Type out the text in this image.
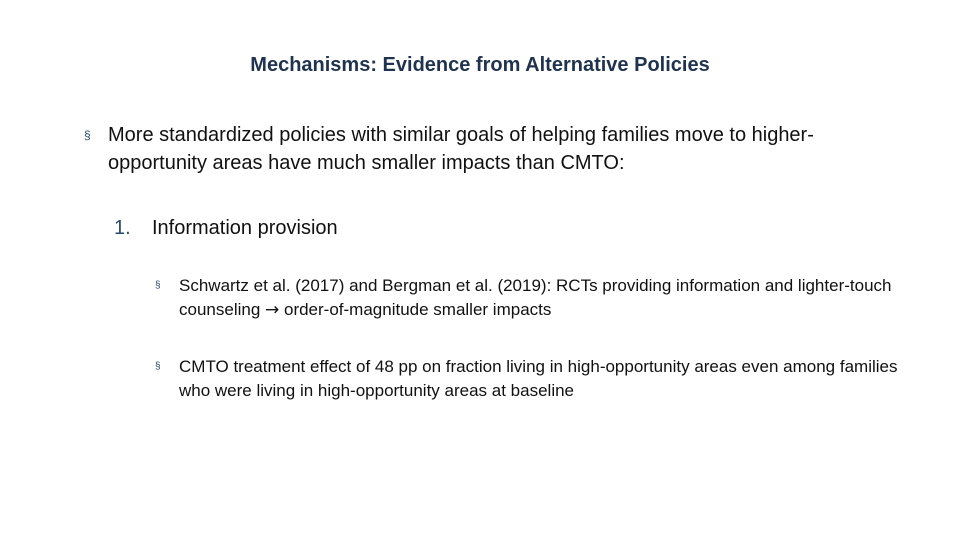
Mechanisms: Evidence from Alternative Policies
§ More standardized policies with similar goals of helping families move to higher-opportunity areas have much smaller impacts than CMTO:
1.	Information provision
§	Schwartz et al. (2017) and Bergman et al. (2019): RCTs providing information and lighter-touch counseling → order-of-magnitude smaller impacts
§	CMTO treatment effect of 48 pp on fraction living in high-opportunity areas even among families who were living in high-opportunity areas at baseline
